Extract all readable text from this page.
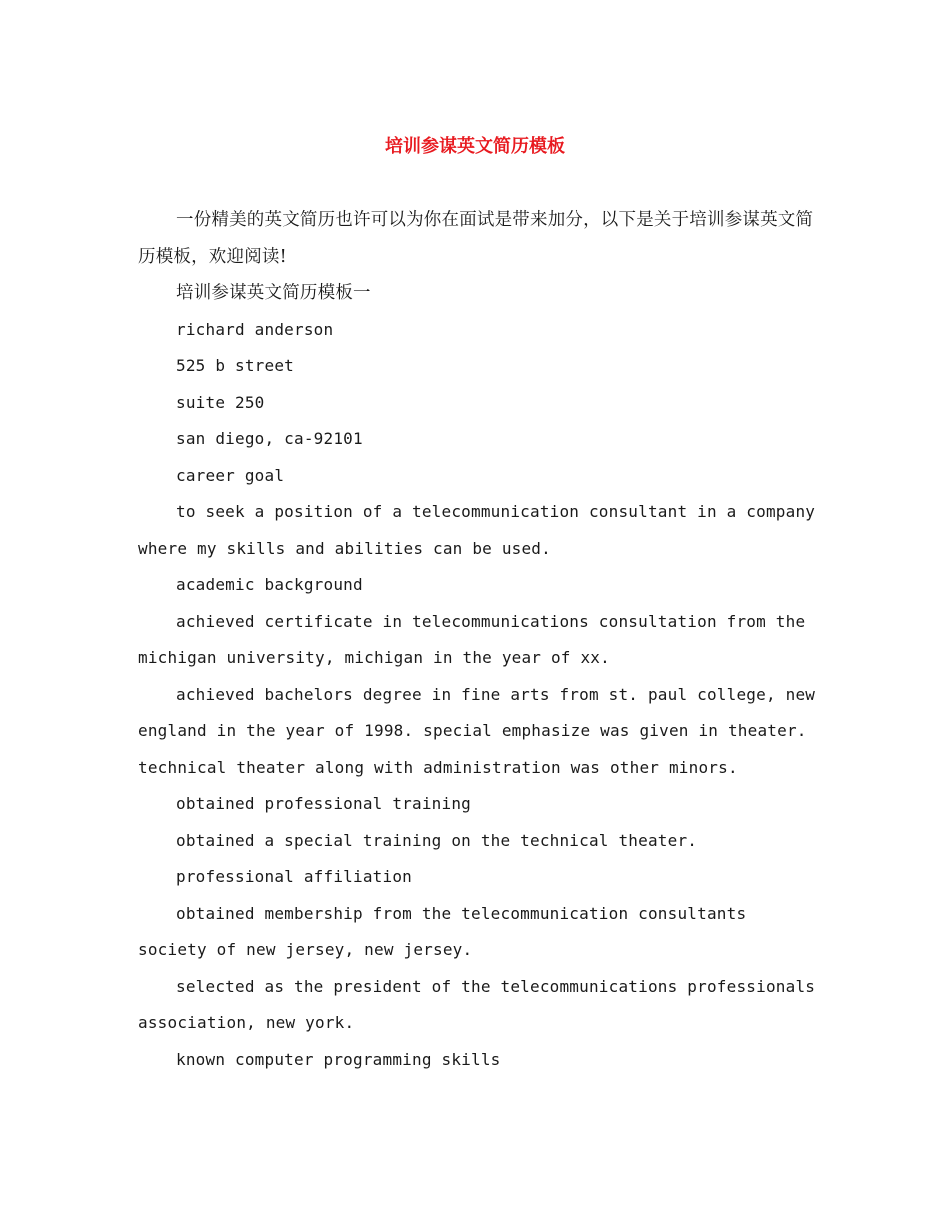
培训参谋英文简历模板

一份精美的英文简历也许可以为你在面试是带来加分，以下是关于培训参谋英文简历模板，欢迎阅读!

培训参谋英文简历模板一

richard anderson

525 b street

suite 250

san diego, ca-92101

career goal

to seek a position of a telecommunication consultant in a company where my skills and abilities can be used.

academic background

achieved certificate in telecommunications consultation from the michigan university, michigan in the year of xx.

achieved bachelors degree in fine arts from st. paul college, new england in the year of 1998. special emphasize was given in theater. technical theater along with administration was other minors.

obtained professional training

obtained a special training on the technical theater.

professional affiliation

obtained membership from the telecommunication consultants society of new jersey, new jersey.

selected as the president of the telecommunications professionals association, new york.

known computer programming skills
